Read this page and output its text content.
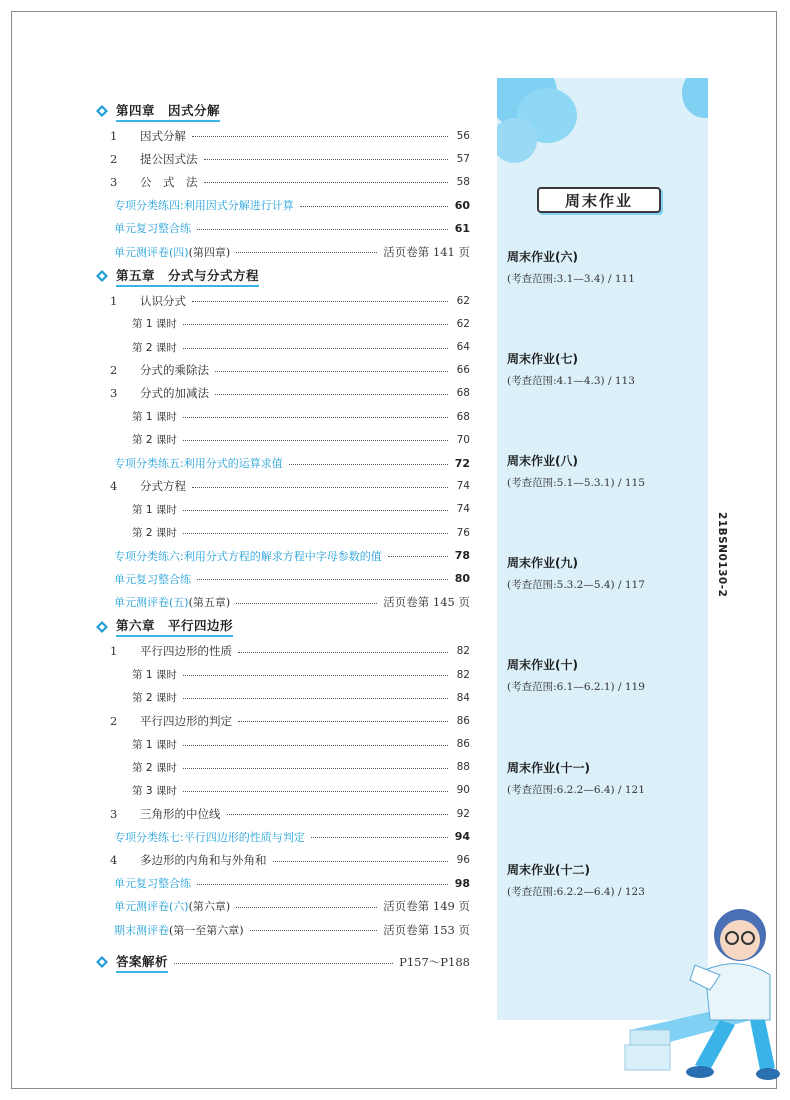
第四章　因式分解
1	因式分解	56
2	提公因式法	57
3	公　式　法	58
专项分类练四:利用因式分解进行计算	60
单元复习整合练	61
单元测评卷(四)(第四章)	活页卷第 141 页
第五章　分式与分式方程
1	认识分式	62
第 1 课时	62
第 2 课时	64
2	分式的乘除法	66
3	分式的加减法	68
第 1 课时	68
第 2 课时	70
专项分类练五:利用分式的运算求值	72
4	分式方程	74
第 1 课时	74
第 2 课时	76
专项分类练六:利用分式方程的解求方程中字母参数的值	78
单元复习整合练	80
单元测评卷(五)(第五章)	活页卷第 145 页
第六章　平行四边形
1	平行四边形的性质	82
第 1 课时	82
第 2 课时	84
2	平行四边形的判定	86
第 1 课时	86
第 2 课时	88
第 3 课时	90
3	三角形的中位线	92
专项分类练七:平行四边形的性质与判定	94
4	多边形的内角和与外角和	96
单元复习整合练	98
单元测评卷(六)(第六章)	活页卷第 149 页
期末测评卷(第一至第六章)	活页卷第 153 页
答案解析	P157～P188
周末作业
周末作业(六)
(考查范围:3.1—3.4) / 111
周末作业(七)
(考查范围:4.1—4.3) / 113
周末作业(八)
(考查范围:5.1—5.3.1) / 115
周末作业(九)
(考查范围:5.3.2—5.4) / 117
周末作业(十)
(考查范围:6.1—6.2.1) / 119
周末作业(十一)
(考查范围:6.2.2—6.4) / 121
周末作业(十二)
(考查范围:6.2.2—6.4) / 123
21BSN0130-2
